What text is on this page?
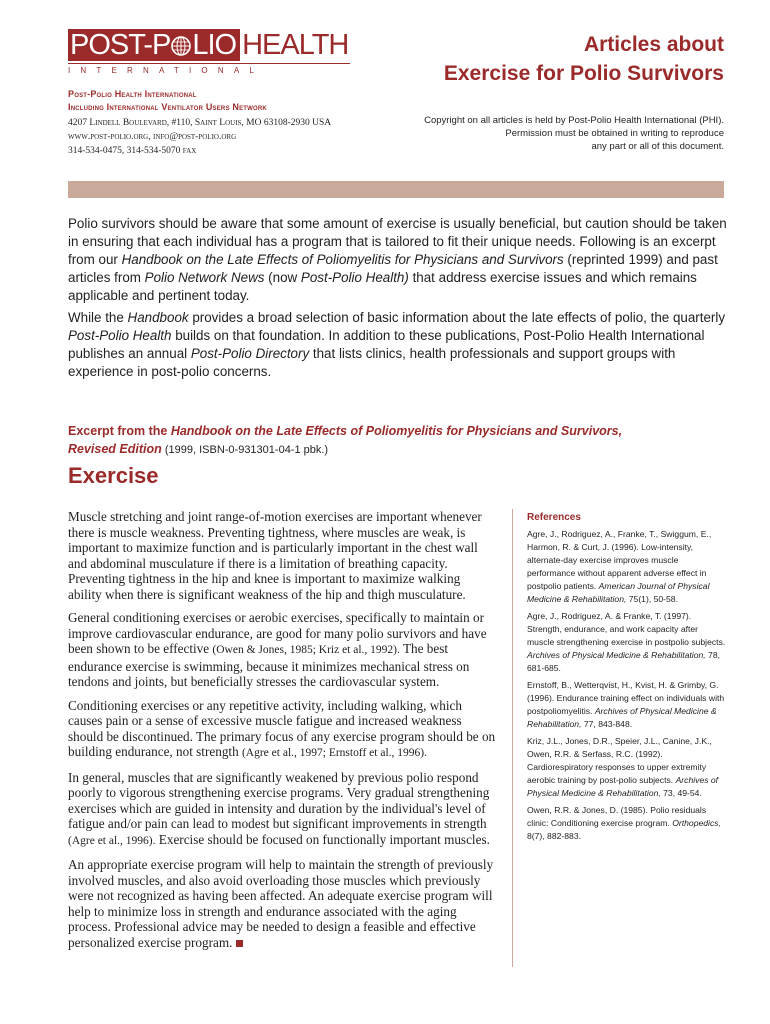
POST-P LIO HEALTH
INTERNATIONAL
Articles about
Exercise for Polio Survivors
Post-Polio Health International
Including International Ventilator Users Network
4207 Lindell Boulevard, #110, Saint Louis, MO 63108-2930 USA
www.post-polio.org, info@post-polio.org
314-534-0475, 314-534-5070 fax
Copyright on all articles is held by Post-Polio Health International (PHI).
Permission must be obtained in writing to reproduce
any part or all of this document.

Polio survivors should be aware that some amount of exercise is usually beneficial, but caution should be taken in ensuring that each individual has a program that is tailored to fit their unique needs. Following is an excerpt from our Handbook on the Late Effects of Poliomyelitis for Physicians and Survivors (reprinted 1999) and past articles from Polio Network News (now Post-Polio Health) that address exercise issues and which remains applicable and pertinent today.

While the Handbook provides a broad selection of basic information about the late effects of polio, the quarterly Post-Polio Health builds on that foundation. In addition to these publications, Post-Polio Health International publishes an annual Post-Polio Directory that lists clinics, health professionals and support groups with experience in post-polio concerns.

Excerpt from the Handbook on the Late Effects of Poliomyelitis for Physicians and Survivors,
Revised Edition (1999, ISBN-0-931301-04-1 pbk.)
Exercise

Muscle stretching and joint range-of-motion exercises are important whenever there is muscle weakness. Preventing tightness, where muscles are weak, is important to maximize function and is particularly important in the chest wall and abdominal musculature if there is a limitation of breathing capacity. Preventing tightness in the hip and knee is important to maximize walking ability when there is significant weakness of the hip and thigh musculature.

General conditioning exercises or aerobic exercises, specifically to maintain or improve cardiovascular endurance, are good for many polio survivors and have been shown to be effective (Owen & Jones, 1985; Kriz et al., 1992). The best endurance exercise is swimming, because it minimizes mechanical stress on tendons and joints, but beneficially stresses the cardiovascular system.

Conditioning exercises or any repetitive activity, including walking, which causes pain or a sense of excessive muscle fatigue and increased weakness should be discontinued. The primary focus of any exercise program should be on building endurance, not strength (Agre et al., 1997; Ernstoff et al., 1996).

In general, muscles that are significantly weakened by previous polio respond poorly to vigorous strengthening exercise programs. Very gradual strengthening exercises which are guided in intensity and duration by the individual's level of fatigue and/or pain can lead to modest but significant improvements in strength (Agre et al., 1996). Exercise should be focused on functionally important muscles.

An appropriate exercise program will help to maintain the strength of previously involved muscles, and also avoid overloading those muscles which previously were not recognized as having been affected. An adequate exercise program will help to minimize loss in strength and endurance associated with the aging process. Professional advice may be needed to design a feasible and effective personalized exercise program.

References

Agre, J., Rodriguez, A., Franke, T., Swiggum, E., Harmon, R. & Curt, J. (1996). Low-intensity, alternate-day exercise improves muscle performance without apparent adverse effect in postpolio patients. American Journal of Physical Medicine & Rehabilitation, 75(1), 50-58.

Agre, J., Rodriguez, A. & Franke, T. (1997). Strength, endurance, and work capacity after muscle strengthening exercise in postpolio subjects. Archives of Physical Medicine & Rehabilitation, 78, 681-685.

Ernstoff, B., Wetterqvist, H., Kvist, H. & Grimby, G. (1996). Endurance training effect on individuals with postpoliomyelitis. Archives of Physical Medicine & Rehabilitation, 77, 843-848.

Kriz, J.L., Jones, D.R., Speier, J.L., Canine, J.K., Owen, R.R. & Serfass, R.C. (1992). Cardiorespiratory responses to upper extremity aerobic training by post-polio subjects. Archives of Physical Medicine & Rehabilitation, 73, 49-54.

Owen, R.R. & Jones, D. (1985). Polio residuals clinic: Conditioning exercise program. Orthopedics, 8(7), 882-883.
